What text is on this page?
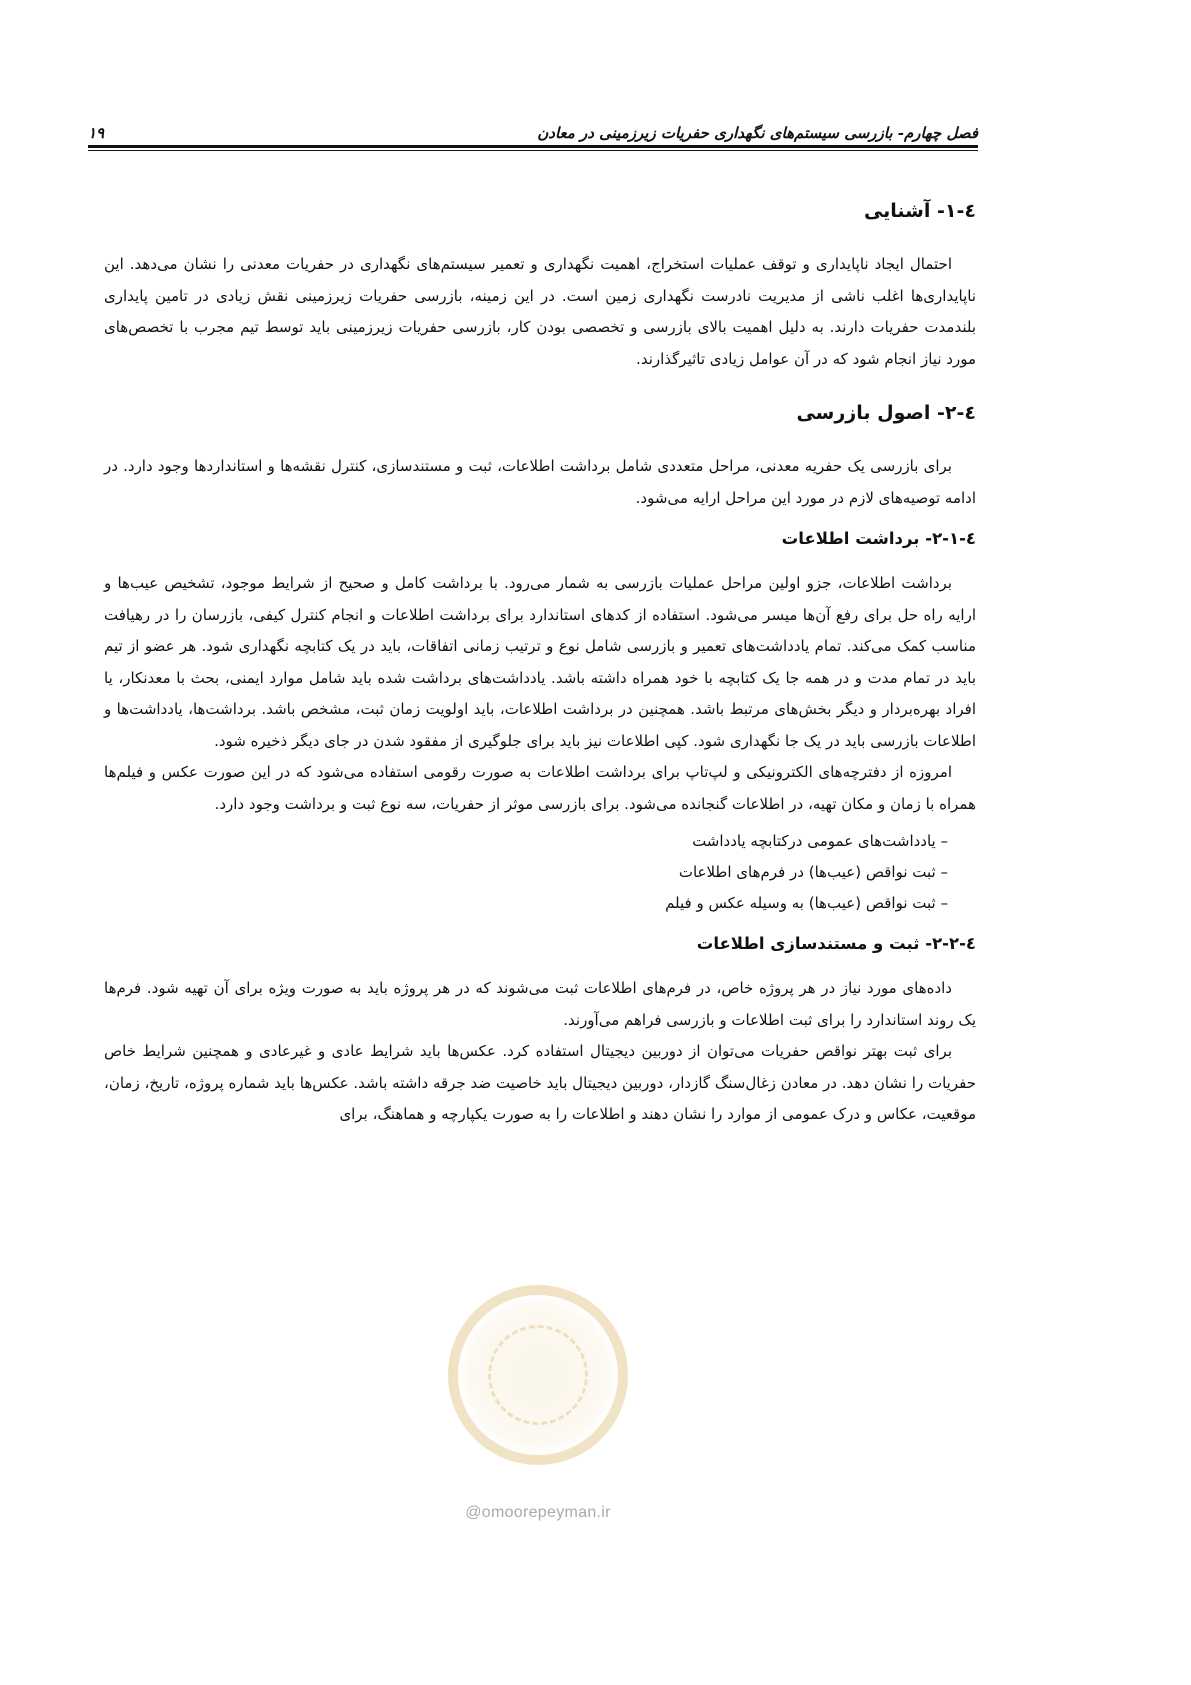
فصل چهارم- بازرسی سیستم‌های نگهداری حفریات زیرزمینی در معادن
۱۹
٤-۱- آشنایی

احتمال ایجاد ناپایداری و توقف عملیات استخراج، اهمیت نگهداری و تعمیر سیستم‌های نگهداری در حفریات معدنی را نشان می‌دهد. این ناپایداری‌ها اغلب ناشی از مدیریت نادرست نگهداری زمین است. در این زمینه، بازرسی حفریات زیرزمینی نقش زیادی در تامین پایداری بلندمدت حفریات دارند. به دلیل اهمیت بالای بازرسی و تخصصی بودن کار، بازرسی حفریات زیرزمینی باید توسط تیم مجرب با تخصص‌های مورد نیاز انجام شود که در آن عوامل زیادی تاثیرگذارند.

٤-۲- اصول بازرسی

برای بازرسی یک حفریه معدنی، مراحل متعددی شامل برداشت اطلاعات، ثبت و مستندسازی، کنترل نقشه‌ها و استانداردها وجود دارد. در ادامه توصیه‌های لازم در مورد این مراحل ارایه می‌شود.

٤-۲-۱- برداشت اطلاعات

برداشت اطلاعات، جزو اولین مراحل عملیات بازرسی به شمار می‌رود. با برداشت کامل و صحیح از شرایط موجود، تشخیص عیب‌ها و ارایه راه حل برای رفع آن‌ها میسر می‌شود. استفاده از کدهای استاندارد برای برداشت اطلاعات و انجام کنترل کیفی، بازرسان را در رهیافت مناسب کمک می‌کند. تمام یادداشت‌های تعمیر و بازرسی شامل نوع و ترتیب زمانی اتفاقات، باید در یک کتابچه نگهداری شود. هر عضو از تیم باید در تمام مدت و در همه جا یک کتابچه با خود همراه داشته باشد. یادداشت‌های برداشت شده باید شامل موارد ایمنی، بحث با معدنکار، یا افراد بهره‌بردار و دیگر بخش‌های مرتبط باشد. همچنین در برداشت اطلاعات، باید اولویت زمان ثبت، مشخص باشد. برداشت‌ها، یادداشت‌ها و اطلاعات بازرسی باید در یک جا نگهداری شود. کپی اطلاعات نیز باید برای جلوگیری از مفقود شدن در جای دیگر ذخیره شود.

امروزه از دفترچه‌های الکترونیکی و لپ‌تاپ برای برداشت اطلاعات به صورت رقومی استفاده می‌شود که در این صورت عکس و فیلم‌ها همراه با زمان و مکان تهیه، در اطلاعات گنجانده می‌شود. برای بازرسی موثر از حفریات، سه نوع ثبت و برداشت وجود دارد.

– یادداشت‌های عمومی درکتابچه یادداشت
– ثبت نواقص (عیب‌ها) در فرم‌های اطلاعات
– ثبت نواقص (عیب‌ها) به وسیله عکس و فیلم
٤-۲-۲- ثبت و مستندسازی اطلاعات

داده‌های مورد نیاز در هر پروژه خاص، در فرم‌های اطلاعات ثبت می‌شوند که در هر پروژه باید به صورت ویژه برای آن تهیه شود. فرم‌ها یک روند استاندارد را برای ثبت اطلاعات و بازرسی فراهم می‌آورند.

برای ثبت بهتر نواقص حفریات می‌توان از دوربین دیجیتال استفاده کرد. عکس‌ها باید شرایط عادی و غیرعادی و همچنین شرایط خاص حفریات را نشان دهد. در معادن زغال‌سنگ گازدار، دوربین دیجیتال باید خاصیت ضد جرقه داشته باشد. عکس‌ها باید شماره پروژه، تاریخ، زمان، موقعیت، عکاس و درک عمومی از موارد را نشان دهند و اطلاعات را به صورت یکپارچه و هماهنگ، برای

@omoorepeyman.ir
